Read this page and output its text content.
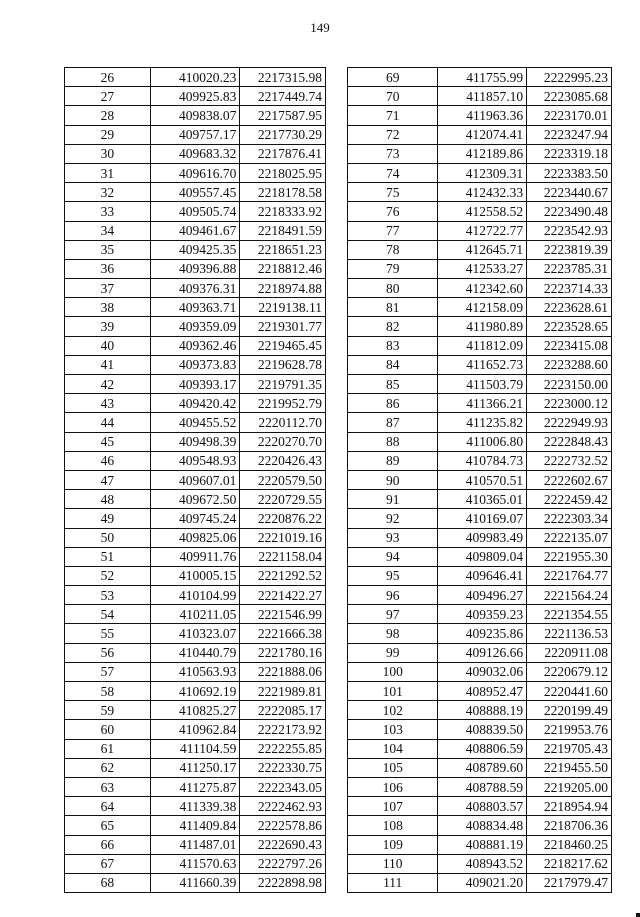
149
26	410020.23	2217315.98
27	409925.83	2217449.74
28	409838.07	2217587.95
29	409757.17	2217730.29
30	409683.32	2217876.41
31	409616.70	2218025.95
32	409557.45	2218178.58
33	409505.74	2218333.92
34	409461.67	2218491.59
35	409425.35	2218651.23
36	409396.88	2218812.46
37	409376.31	2218974.88
38	409363.71	2219138.11
39	409359.09	2219301.77
40	409362.46	2219465.45
41	409373.83	2219628.78
42	409393.17	2219791.35
43	409420.42	2219952.79
44	409455.52	2220112.70
45	409498.39	2220270.70
46	409548.93	2220426.43
47	409607.01	2220579.50
48	409672.50	2220729.55
49	409745.24	2220876.22
50	409825.06	2221019.16
51	409911.76	2221158.04
52	410005.15	2221292.52
53	410104.99	2221422.27
54	410211.05	2221546.99
55	410323.07	2221666.38
56	410440.79	2221780.16
57	410563.93	2221888.06
58	410692.19	2221989.81
59	410825.27	2222085.17
60	410962.84	2222173.92
61	411104.59	2222255.85
62	411250.17	2222330.75
63	411275.87	2222343.05
64	411339.38	2222462.93
65	411409.84	2222578.86
66	411487.01	2222690.43
67	411570.63	2222797.26
68	411660.39	2222898.98
69	411755.99	2222995.23
70	411857.10	2223085.68
71	411963.36	2223170.01
72	412074.41	2223247.94
73	412189.86	2223319.18
74	412309.31	2223383.50
75	412432.33	2223440.67
76	412558.52	2223490.48
77	412722.77	2223542.93
78	412645.71	2223819.39
79	412533.27	2223785.31
80	412342.60	2223714.33
81	412158.09	2223628.61
82	411980.89	2223528.65
83	411812.09	2223415.08
84	411652.73	2223288.60
85	411503.79	2223150.00
86	411366.21	2223000.12
87	411235.82	2222949.93
88	411006.80	2222848.43
89	410784.73	2222732.52
90	410570.51	2222602.67
91	410365.01	2222459.42
92	410169.07	2222303.34
93	409983.49	2222135.07
94	409809.04	2221955.30
95	409646.41	2221764.77
96	409496.27	2221564.24
97	409359.23	2221354.55
98	409235.86	2221136.53
99	409126.66	2220911.08
100	409032.06	2220679.12
101	408952.47	2220441.60
102	408888.19	2220199.49
103	408839.50	2219953.76
104	408806.59	2219705.43
105	408789.60	2219455.50
106	408788.59	2219205.00
107	408803.57	2218954.94
108	408834.48	2218706.36
109	408881.19	2218460.25
110	408943.52	2218217.62
111	409021.20	2217979.47
